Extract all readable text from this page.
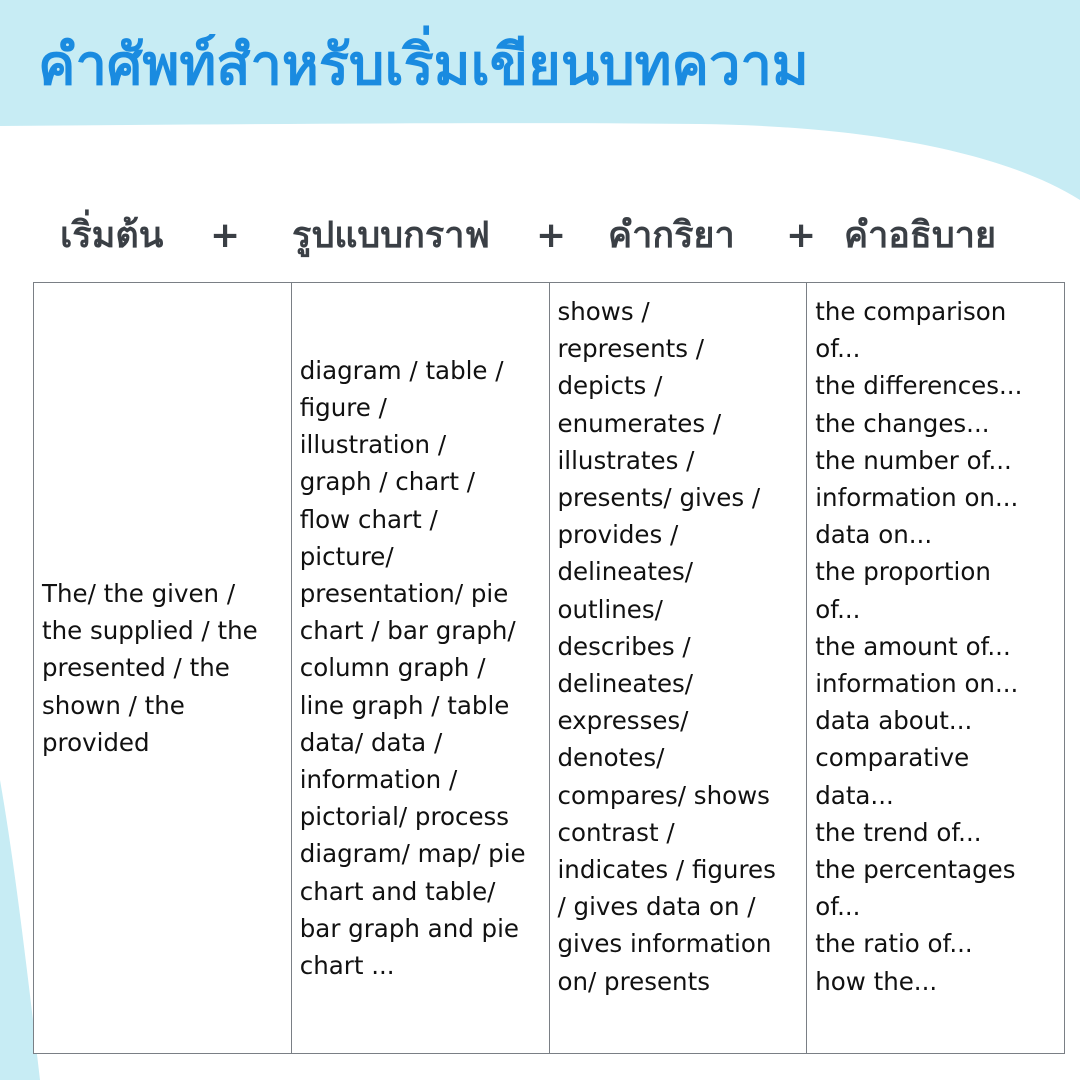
คำศัพท์สำหรับเริ่มเขียนบทความ
เริ่มต้น + รูปแบบกราฟ + คำกริยา + คำอธิบาย
The/ the given /
the supplied / the
presented / the
shown / the
provided

diagram / table /
figure /
illustration /
graph / chart /
flow chart /
picture/
presentation/ pie
chart / bar graph/
column graph /
line graph / table
data/ data /
information /
pictorial/ process
diagram/ map/ pie
chart and table/
bar graph and pie
chart ...

shows /
represents /
depicts /
enumerates /
illustrates /
presents/ gives /
provides /
delineates/
outlines/
describes /
delineates/
expresses/
denotes/
compares/ shows
contrast /
indicates / figures
/ gives data on /
gives information
on/ presents

the comparison
of...
the differences...
the changes...
the number of...
information on...
data on...
the proportion
of...
the amount of...
information on...
data about...
comparative
data...
the trend of...
the percentages
of...
the ratio of...
how the...
